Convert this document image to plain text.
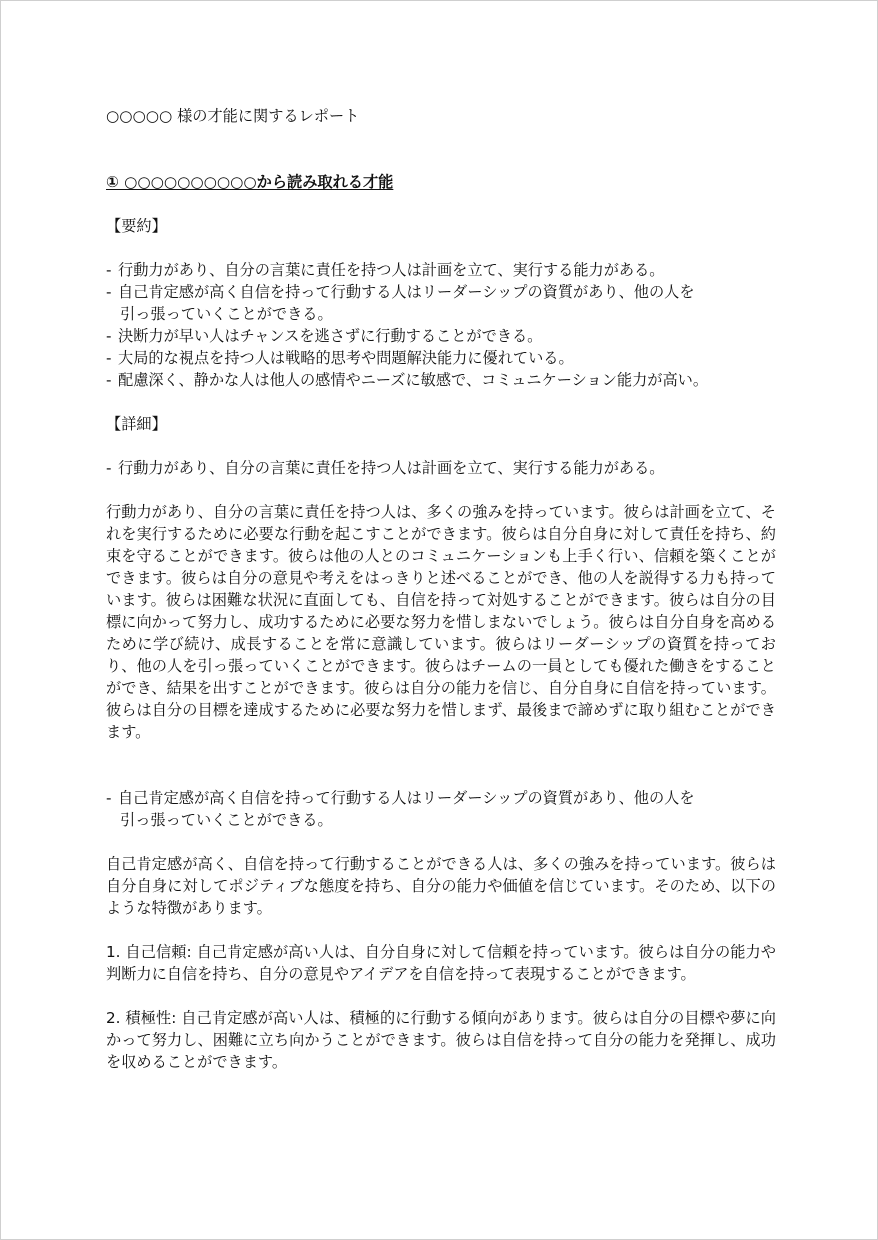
○○○○○ 様の才能に関するレポート

① ○○○○○○○○○○から読み取れる才能

【要約】

- 行動力があり、自分の言葉に責任を持つ人は計画を立て、実行する能力がある。
- 自己肯定感が高く自信を持って行動する人はリーダーシップの資質があり、他の人を
引っ張っていくことができる。
- 決断力が早い人はチャンスを逃さずに行動することができる。
- 大局的な視点を持つ人は戦略的思考や問題解決能力に優れている。
- 配慮深く、静かな人は他人の感情やニーズに敏感で、コミュニケーション能力が高い。

【詳細】

- 行動力があり、自分の言葉に責任を持つ人は計画を立て、実行する能力がある。

行動力があり、自分の言葉に責任を持つ人は、多くの強みを持っています。彼らは計画を立て、それを実行するために必要な行動を起こすことができます。彼らは自分自身に対して責任を持ち、約束を守ることができます。彼らは他の人とのコミュニケーションも上手く行い、信頼を築くことができます。彼らは自分の意見や考えをはっきりと述べることができ、他の人を説得する力も持っています。彼らは困難な状況に直面しても、自信を持って対処することができます。彼らは自分の目標に向かって努力し、成功するために必要な努力を惜しまないでしょう。彼らは自分自身を高めるために学び続け、成長することを常に意識しています。彼らはリーダーシップの資質を持っており、他の人を引っ張っていくことができます。彼らはチームの一員としても優れた働きをすることができ、結果を出すことができます。彼らは自分の能力を信じ、自分自身に自信を持っています。彼らは自分の目標を達成するために必要な努力を惜しまず、最後まで諦めずに取り組むことができます。

- 自己肯定感が高く自信を持って行動する人はリーダーシップの資質があり、他の人を
引っ張っていくことができる。

自己肯定感が高く、自信を持って行動することができる人は、多くの強みを持っています。彼らは自分自身に対してポジティブな態度を持ち、自分の能力や価値を信じています。そのため、以下のような特徴があります。

1. 自己信頼: 自己肯定感が高い人は、自分自身に対して信頼を持っています。彼らは自分の能力や判断力に自信を持ち、自分の意見やアイデアを自信を持って表現することができます。

2. 積極性: 自己肯定感が高い人は、積極的に行動する傾向があります。彼らは自分の目標や夢に向かって努力し、困難に立ち向かうことができます。彼らは自信を持って自分の能力を発揮し、成功を収めることができます。
